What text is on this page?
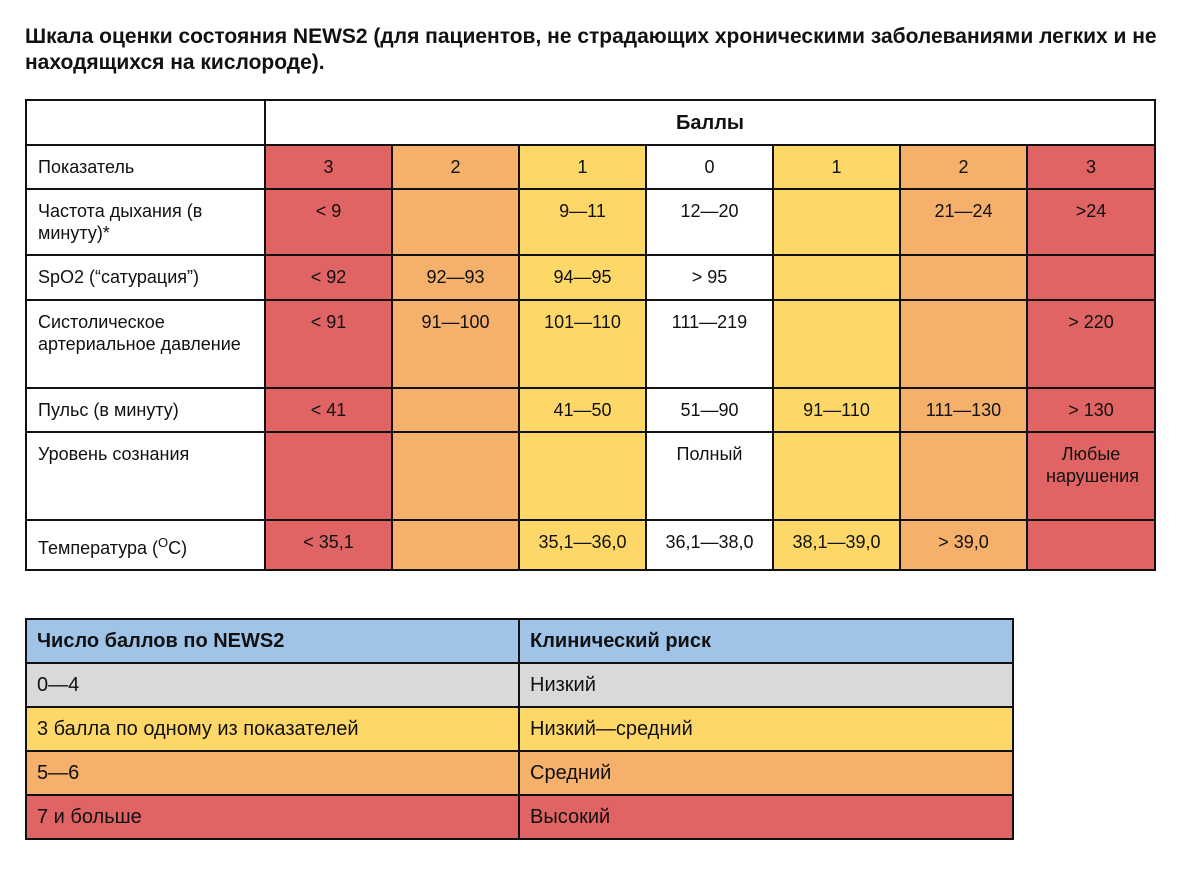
Шкала оценки состояния NEWS2 (для пациентов, не страдающих хроническими заболеваниями легких и не находящихся на кислороде).
	Баллы						
Показатель	3	2	1	0	1	2	3
Частота дыхания (в минуту)*	< 9		9—11	12—20		21—24	>24
SpO2 (“сатурация”)	< 92	92—93	94—95	> 95			
Систолическое артериальное давление	< 91	91—100	101—110	111—219			> 220
Пульс (в минуту)	< 41		41—50	51—90	91—110	111—130	> 130
Уровень сознания				Полный			Любые нарушения
Температура ($^O$C)	< 35,1		35,1—36,0	36,1—38,0	38,1—39,0	> 39,0	
Число баллов по NEWS2	Клинический риск
0—4	Низкий
3 балла по одному из показателей	Низкий—средний
5—6	Средний
7 и больше	Высокий
